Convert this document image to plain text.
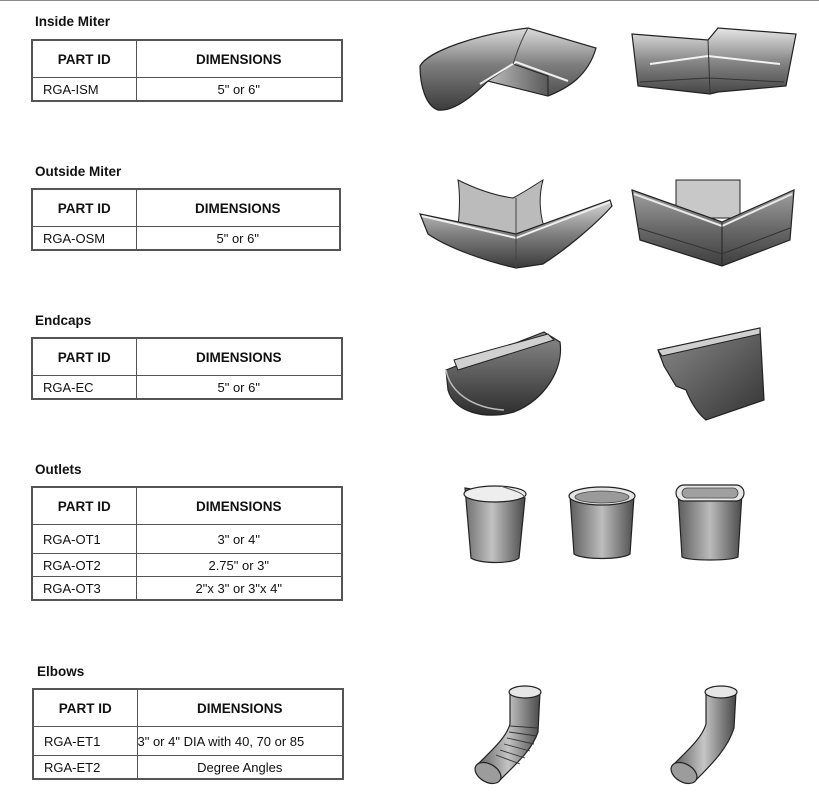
Inside Miter
PART ID	DIMENSIONS
RGA-ISM	5" or 6"
Outside Miter
PART ID	DIMENSIONS
RGA-OSM	5" or 6"
Endcaps
PART ID	DIMENSIONS
RGA-EC	5" or 6"
Outlets
PART ID	DIMENSIONS
RGA-OT1	3" or 4"
RGA-OT2	2.75" or 3"
RGA-OT3	2"x 3" or 3"x 4"
Elbows
PART ID	DIMENSIONS
RGA-ET1	3" or 4" DIA with 40, 70 or 85
RGA-ET2	Degree Angles
